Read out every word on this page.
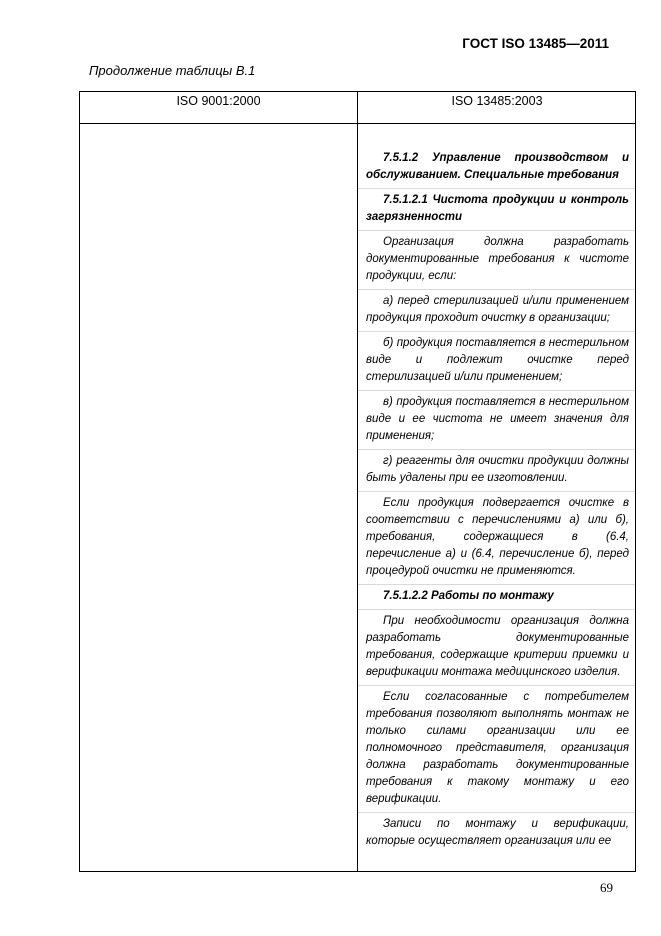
ГОСТ ISO 13485—2011
Продолжение таблицы В.1
ISO 9001:2000	ISO 13485:2003
7.5.1.2 Управление производством и обслуживанием. Специальные требования
7.5.1.2.1 Чистота продукции и контроль загрязненности
Организация должна разработать документированные требования к чистоте продукции, если:
а) перед стерилизацией и/или применением продукция проходит очистку в организации;
б) продукция поставляется в нестерильном виде и подлежит очистке перед стерилизацией и/или применением;
в) продукция поставляется в нестерильном виде и ее чистота не имеет значения для применения;
г) реагенты для очистки продукции должны быть удалены при ее изготовлении.
Если продукция подвергается очистке в соответствии с перечислениями а) или б), требования, содержащиеся в (6.4, перечисление а) и (6.4, перечисление б), перед процедурой очистки не применяются.
7.5.1.2.2 Работы по монтажу
При необходимости организация должна разработать документированные требования, содержащие критерии приемки и верификации монтажа медицинского изделия.
Если согласованные с потребителем требования позволяют выполнять монтаж не только силами организации или ее полномочного представителя, организация должна разработать документированные требования к такому монтажу и его верификации.
Записи по монтажу и верификации, которые осуществляет организация или ее
69
